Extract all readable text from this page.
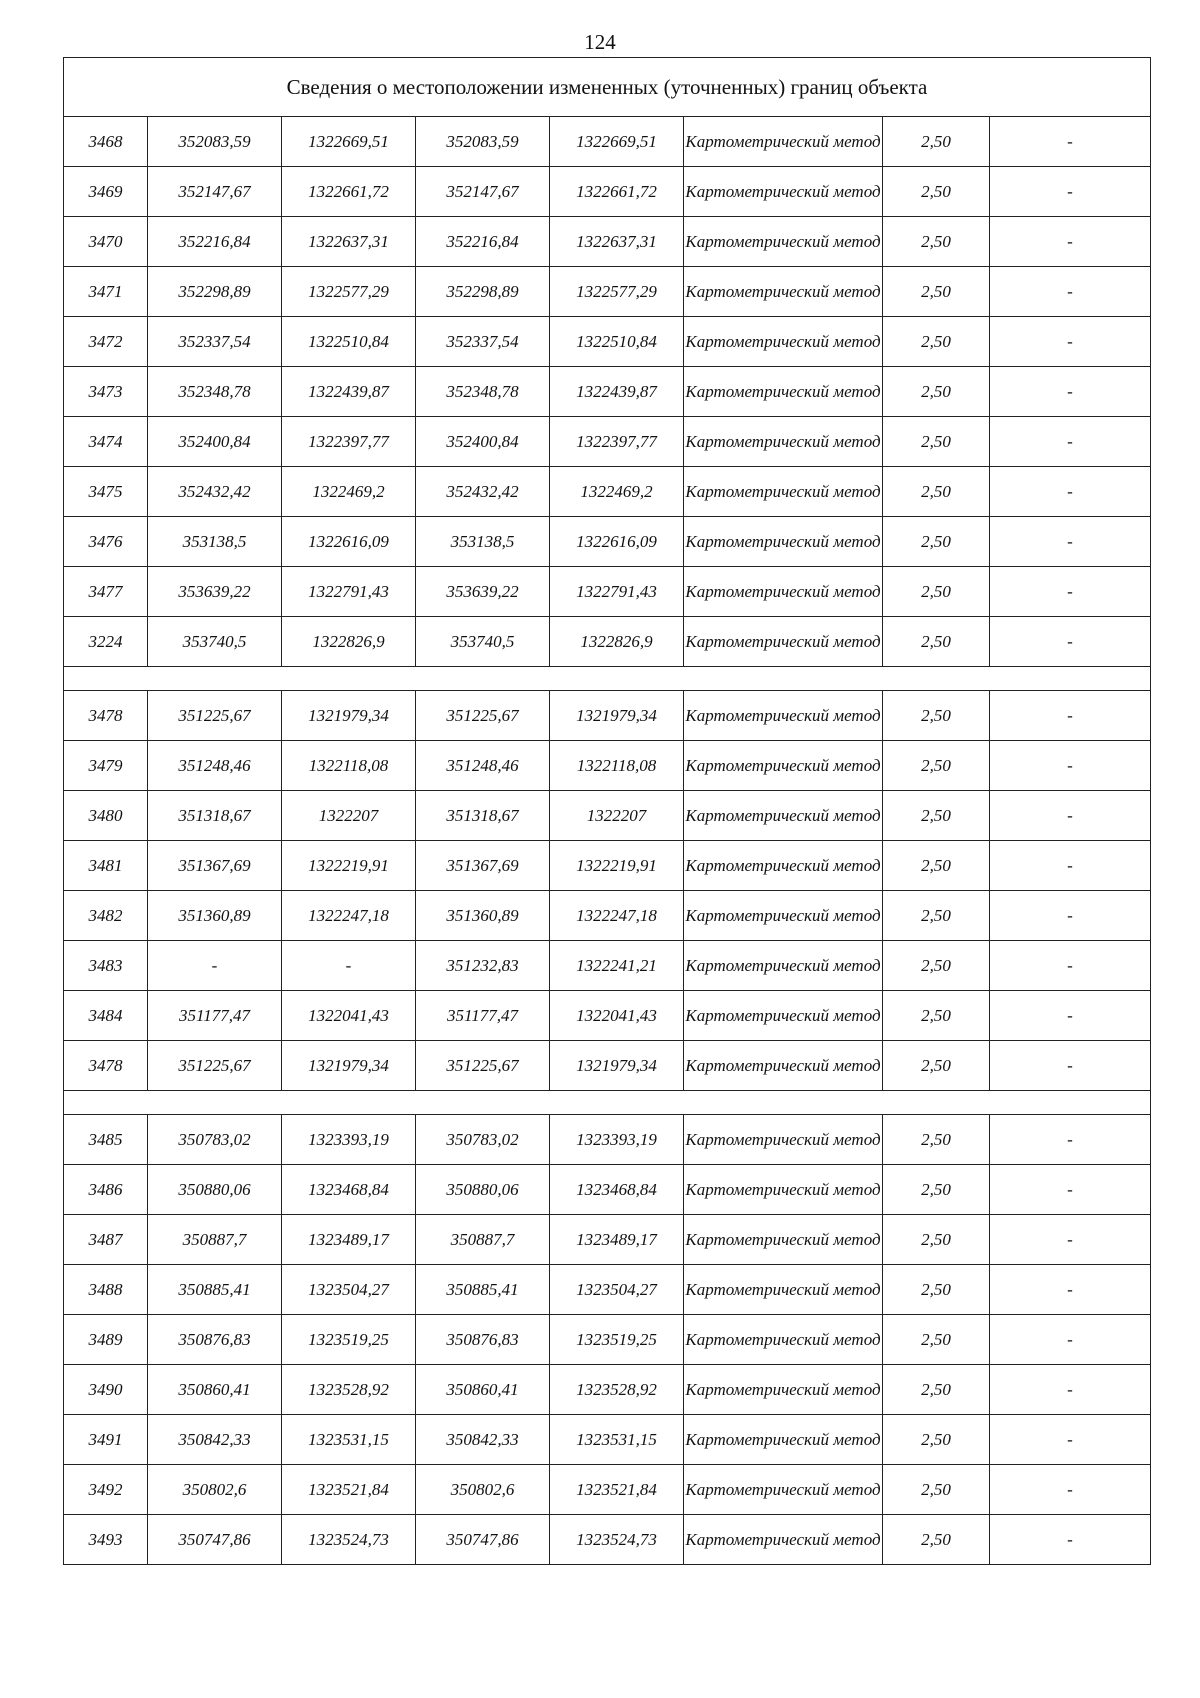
124
Сведения о местоположении измененных (уточненных) границ объекта							
3468	352083,59	1322669,51	352083,59	1322669,51	Картометрический метод	2,50	-
3469	352147,67	1322661,72	352147,67	1322661,72	Картометрический метод	2,50	-
3470	352216,84	1322637,31	352216,84	1322637,31	Картометрический метод	2,50	-
3471	352298,89	1322577,29	352298,89	1322577,29	Картометрический метод	2,50	-
3472	352337,54	1322510,84	352337,54	1322510,84	Картометрический метод	2,50	-
3473	352348,78	1322439,87	352348,78	1322439,87	Картометрический метод	2,50	-
3474	352400,84	1322397,77	352400,84	1322397,77	Картометрический метод	2,50	-
3475	352432,42	1322469,2	352432,42	1322469,2	Картометрический метод	2,50	-
3476	353138,5	1322616,09	353138,5	1322616,09	Картометрический метод	2,50	-
3477	353639,22	1322791,43	353639,22	1322791,43	Картометрический метод	2,50	-
3224	353740,5	1322826,9	353740,5	1322826,9	Картометрический метод	2,50	-

3478	351225,67	1321979,34	351225,67	1321979,34	Картометрический метод	2,50	-
3479	351248,46	1322118,08	351248,46	1322118,08	Картометрический метод	2,50	-
3480	351318,67	1322207	351318,67	1322207	Картометрический метод	2,50	-
3481	351367,69	1322219,91	351367,69	1322219,91	Картометрический метод	2,50	-
3482	351360,89	1322247,18	351360,89	1322247,18	Картометрический метод	2,50	-
3483	-	-	351232,83	1322241,21	Картометрический метод	2,50	-
3484	351177,47	1322041,43	351177,47	1322041,43	Картометрический метод	2,50	-
3478	351225,67	1321979,34	351225,67	1321979,34	Картометрический метод	2,50	-

3485	350783,02	1323393,19	350783,02	1323393,19	Картометрический метод	2,50	-
3486	350880,06	1323468,84	350880,06	1323468,84	Картометрический метод	2,50	-
3487	350887,7	1323489,17	350887,7	1323489,17	Картометрический метод	2,50	-
3488	350885,41	1323504,27	350885,41	1323504,27	Картометрический метод	2,50	-
3489	350876,83	1323519,25	350876,83	1323519,25	Картометрический метод	2,50	-
3490	350860,41	1323528,92	350860,41	1323528,92	Картометрический метод	2,50	-
3491	350842,33	1323531,15	350842,33	1323531,15	Картометрический метод	2,50	-
3492	350802,6	1323521,84	350802,6	1323521,84	Картометрический метод	2,50	-
3493	350747,86	1323524,73	350747,86	1323524,73	Картометрический метод	2,50	-
